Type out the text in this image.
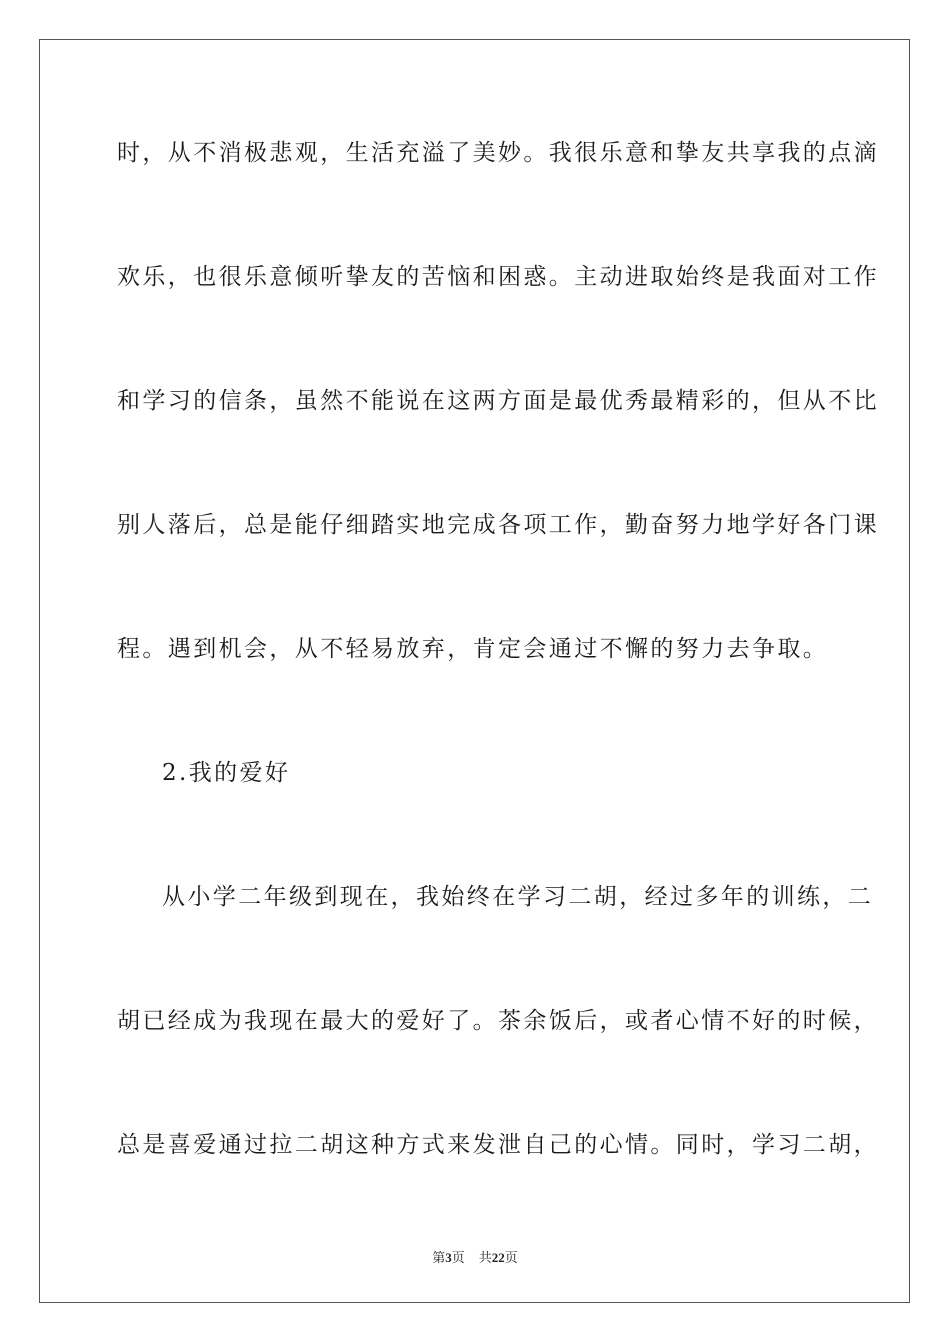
时，从不消极悲观，生活充溢了美妙。我很乐意和挚友共享我的点滴
欢乐，也很乐意倾听挚友的苦恼和困惑。主动进取始终是我面对工作
和学习的信条，虽然不能说在这两方面是最优秀最精彩的，但从不比
别人落后，总是能仔细踏实地完成各项工作，勤奋努力地学好各门课
程。遇到机会，从不轻易放弃，肯定会通过不懈的努力去争取。
2.我的爱好
从小学二年级到现在，我始终在学习二胡，经过多年的训练，二
胡已经成为我现在最大的爱好了。茶余饭后，或者心情不好的时候，
总是喜爱通过拉二胡这种方式来发泄自己的心情。同时，学习二胡，
第3页 共22页
